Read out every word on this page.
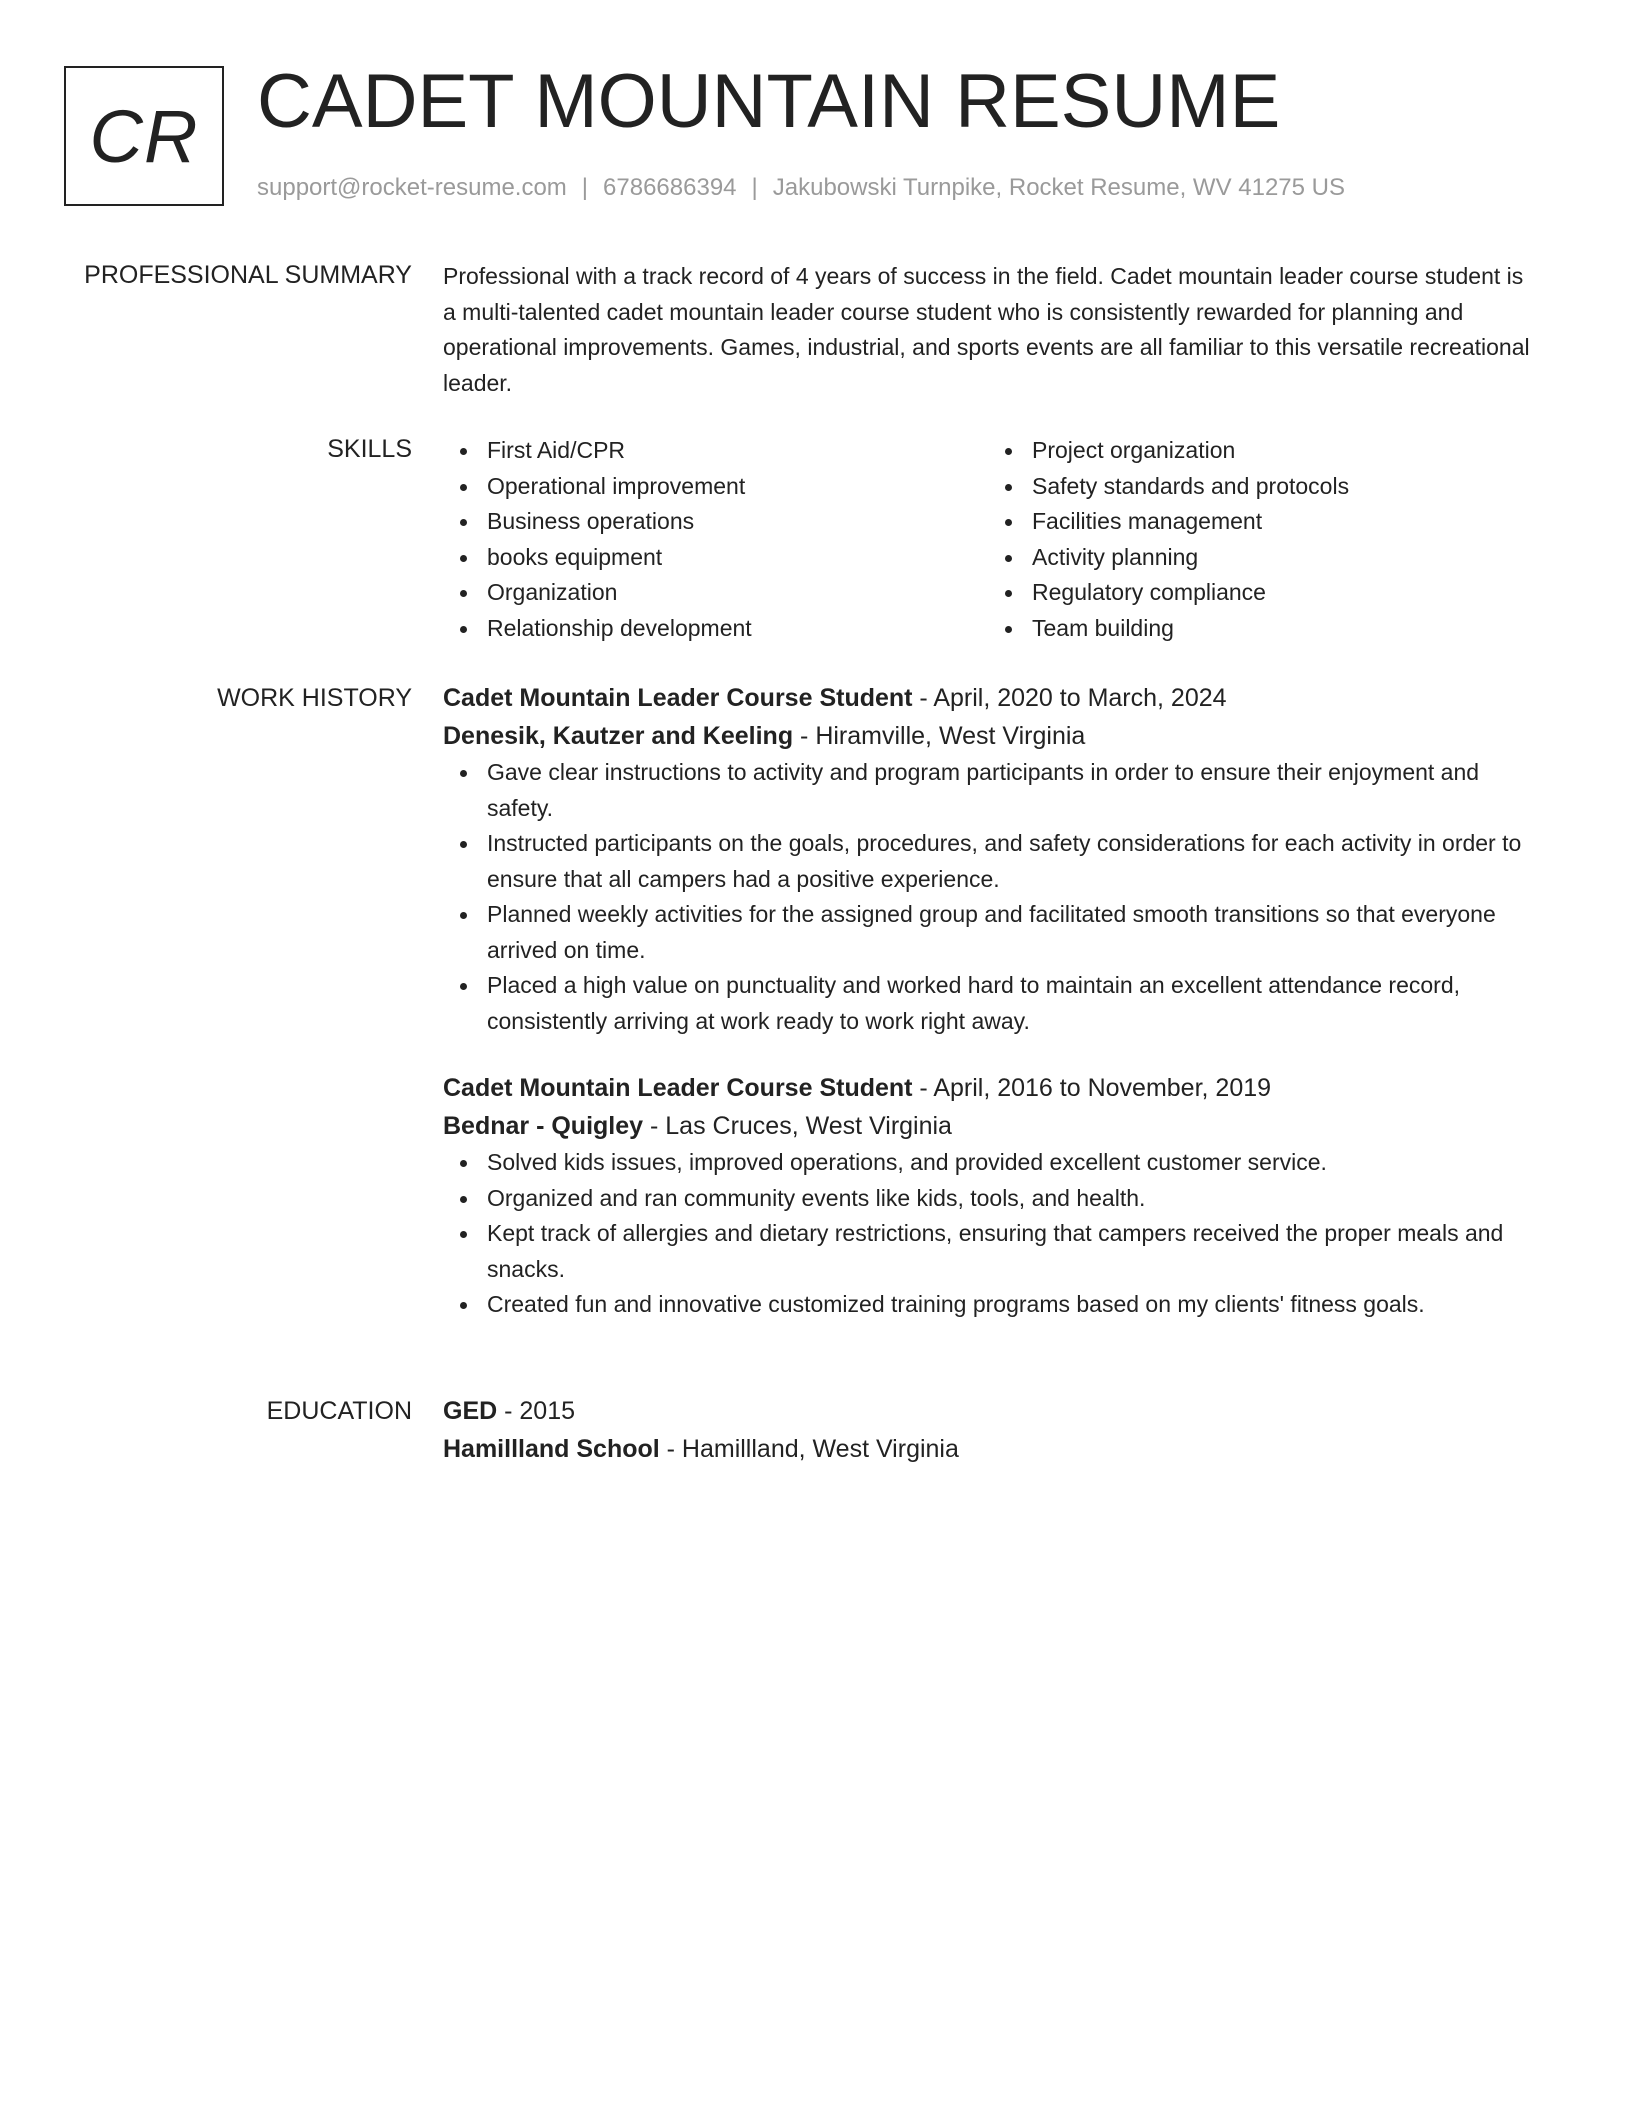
CR CADET MOUNTAIN RESUME
support@rocket-resume.com | 6786686394 | Jakubowski Turnpike, Rocket Resume, WV 41275 US
PROFESSIONAL SUMMARY Professional with a track record of 4 years of success in the field. Cadet mountain leader course student is a multi-talented cadet mountain leader course student who is consistently rewarded for planning and operational improvements. Games, industrial, and sports events are all familiar to this versatile recreational leader.

SKILLS	First Aid/CPR
Operational improvement
Business operations
books equipment
Organization
Relationship development
Project organization
Safety standards and protocols
Facilities management
Activity planning
Regulatory compliance
Team building
WORK HISTORY Cadet Mountain Leader Course Student - April, 2020 to March, 2024
Denesik, Kautzer and Keeling - Hiramville, West Virginia
Gave clear instructions to activity and program participants in order to ensure their enjoyment and safety.
Instructed participants on the goals, procedures, and safety considerations for each activity in order to ensure that all campers had a positive experience.
Planned weekly activities for the assigned group and facilitated smooth transitions so that everyone arrived on time.
Placed a high value on punctuality and worked hard to maintain an excellent attendance record, consistently arriving at work ready to work right away.
Cadet Mountain Leader Course Student - April, 2016 to November, 2019
Bednar - Quigley - Las Cruces, West Virginia
Solved kids issues, improved operations, and provided excellent customer service.
Organized and ran community events like kids, tools, and health.
Kept track of allergies and dietary restrictions, ensuring that campers received the proper meals and snacks.
Created fun and innovative customized training programs based on my clients' fitness goals.
EDUCATION GED - 2015
Hamillland School - Hamillland, West Virginia
